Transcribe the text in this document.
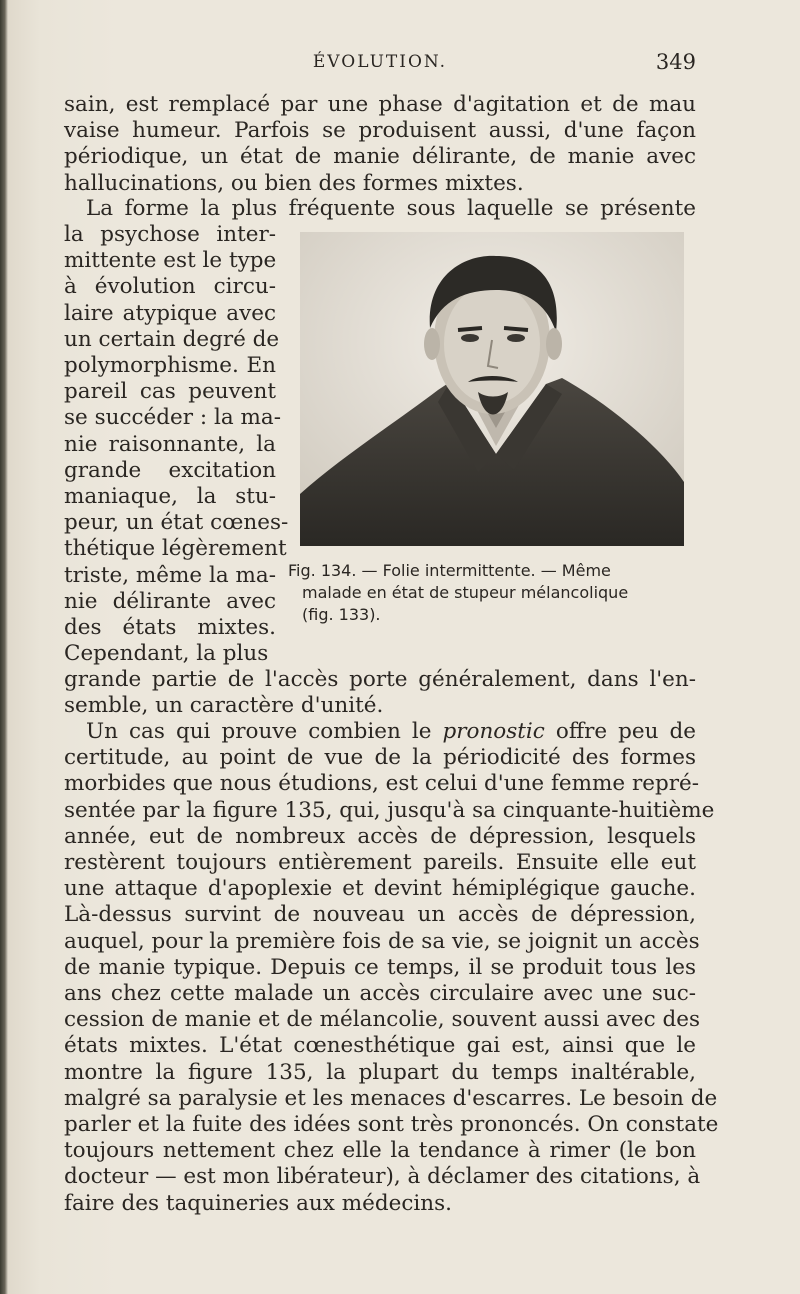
ÉVOLUTION.	349
sain, est remplacé par une phase d'agitation et de mau
vaise humeur. Parfois se produisent aussi, d'une façon
périodique, un état de manie délirante, de manie avec
hallucinations, ou bien des formes mixtes.
La forme la plus fréquente sous laquelle se présente
la psychose inter-
mittente est le type
à évolution circu-
laire atypique avec
un certain degré de
polymorphisme. En
pareil cas peuvent
se succéder : la ma-
nie raisonnante, la
grande excitation
maniaque, la stu-
peur, un état cœnes-
thétique légèrement
triste, même la ma-
nie délirante avec
des états mixtes.
Cependant, la plus
Fig. 134. — Folie intermittente. — Même
malade en état de stupeur mélancolique
(fig. 133).
grande partie de l'accès porte généralement, dans l'en-
semble, un caractère d'unité.
Un cas qui prouve combien le pronostic offre peu de
certitude, au point de vue de la périodicité des formes
morbides que nous étudions, est celui d'une femme repré-
sentée par la figure 135, qui, jusqu'à sa cinquante-huitième
année, eut de nombreux accès de dépression, lesquels
restèrent toujours entièrement pareils. Ensuite elle eut
une attaque d'apoplexie et devint hémiplégique gauche.
Là-dessus survint de nouveau un accès de dépression,
auquel, pour la première fois de sa vie, se joignit un accès
de manie typique. Depuis ce temps, il se produit tous les
ans chez cette malade un accès circulaire avec une suc-
cession de manie et de mélancolie, souvent aussi avec des
états mixtes. L'état cœnesthétique gai est, ainsi que le
montre la figure 135, la plupart du temps inaltérable,
malgré sa paralysie et les menaces d'escarres. Le besoin de
parler et la fuite des idées sont très prononcés. On constate
toujours nettement chez elle la tendance à rimer (le bon
docteur — est mon libérateur), à déclamer des citations, à
faire des taquineries aux médecins.
